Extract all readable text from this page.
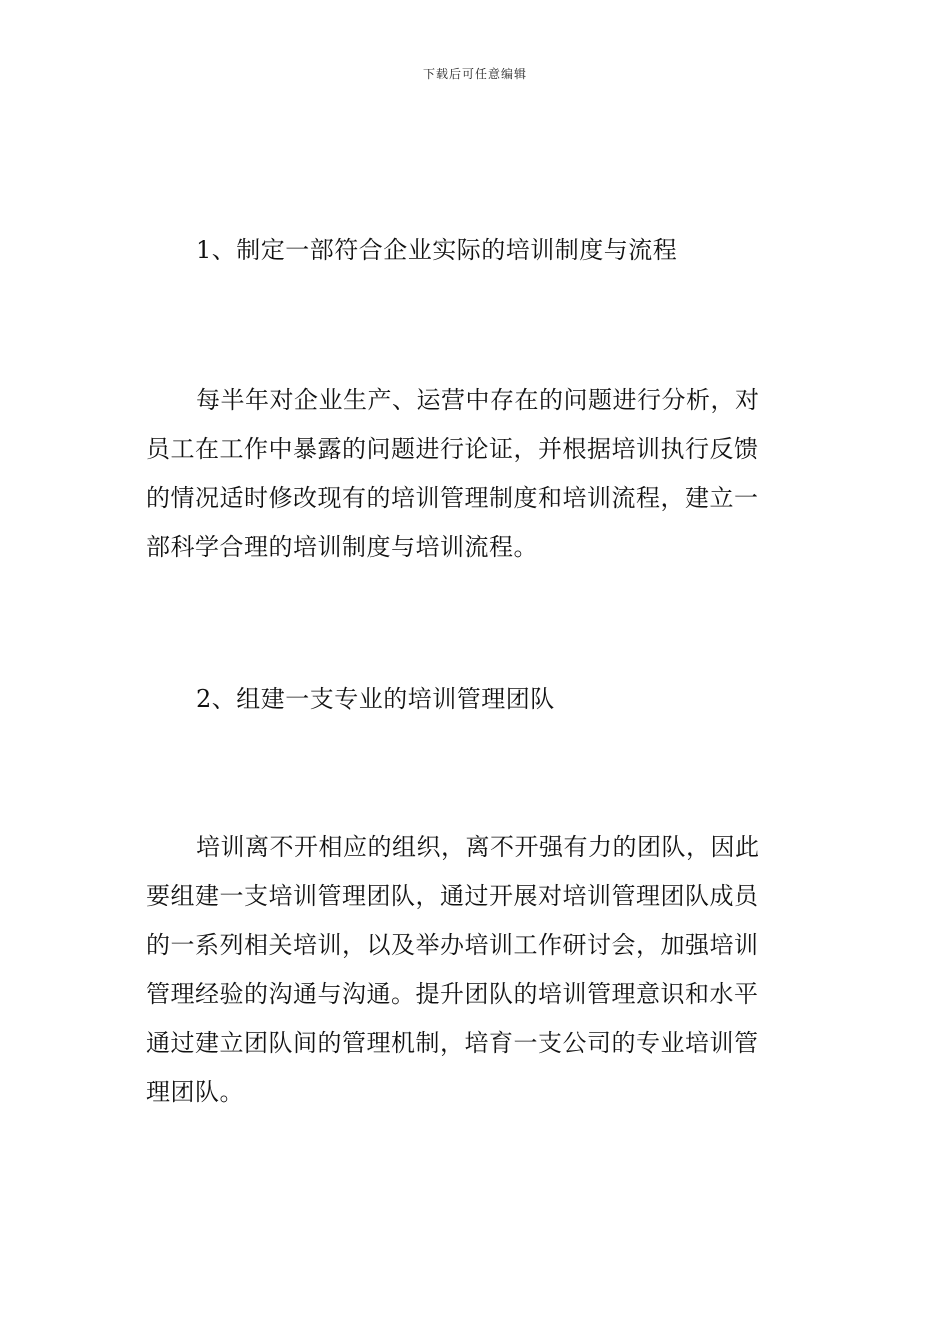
下载后可任意编辑
1、制定一部符合企业实际的培训制度与流程
每半年对企业生产、运营中存在的问题进行分析，对
员工在工作中暴露的问题进行论证，并根据培训执行反馈
的情况适时修改现有的培训管理制度和培训流程，建立一
部科学合理的培训制度与培训流程。
2、组建一支专业的培训管理团队
培训离不开相应的组织，离不开强有力的团队，因此
要组建一支培训管理团队，通过开展对培训管理团队成员
的一系列相关培训，以及举办培训工作研讨会，加强培训
管理经验的沟通与沟通。提升团队的培训管理意识和水平
通过建立团队间的管理机制，培育一支公司的专业培训管
理团队。
